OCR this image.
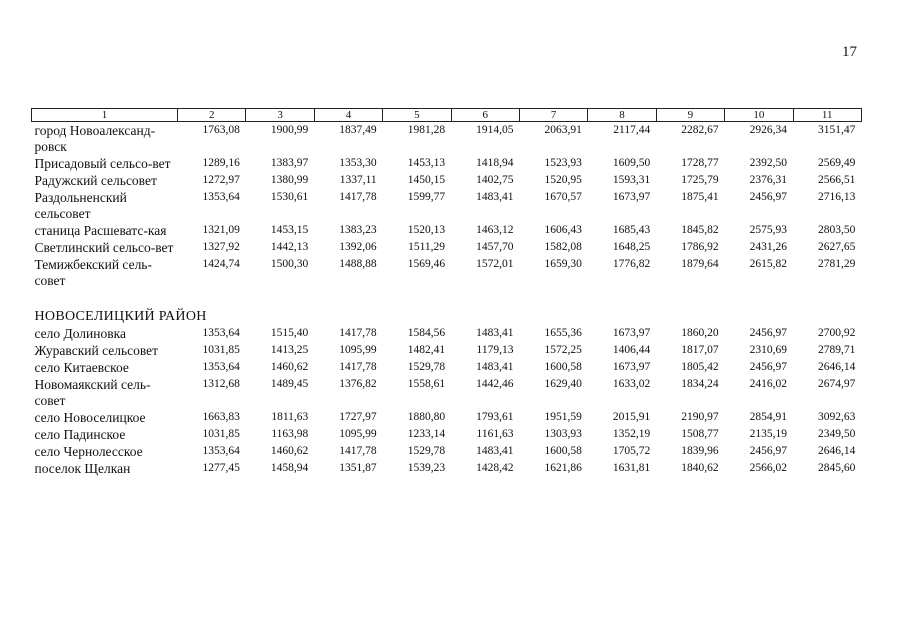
17
1	2	3	4	5	6	7	8	9	10	11
город Новоалександ-ровск	1763,08	1900,99	1837,49	1981,28	1914,05	2063,91	2117,44	2282,67	2926,34	3151,47
Присадовый сельсо-вет	1289,16	1383,97	1353,30	1453,13	1418,94	1523,93	1609,50	1728,77	2392,50	2569,49
Радужский сельсовет	1272,97	1380,99	1337,11	1450,15	1402,75	1520,95	1593,31	1725,79	2376,31	2566,51
Раздольненский сельсовет	1353,64	1530,61	1417,78	1599,77	1483,41	1670,57	1673,97	1875,41	2456,97	2716,13
станица Расшеватс-кая	1321,09	1453,15	1383,23	1520,13	1463,12	1606,43	1685,43	1845,82	2575,93	2803,50
Светлинский сельсо-вет	1327,92	1442,13	1392,06	1511,29	1457,70	1582,08	1648,25	1786,92	2431,26	2627,65
Темижбекский сель-совет	1424,74	1500,30	1488,88	1569,46	1572,01	1659,30	1776,82	1879,64	2615,82	2781,29

НОВОСЕЛИЦКИЙ РАЙОН										
село Долиновка	1353,64	1515,40	1417,78	1584,56	1483,41	1655,36	1673,97	1860,20	2456,97	2700,92
Журавский сельсовет	1031,85	1413,25	1095,99	1482,41	1179,13	1572,25	1406,44	1817,07	2310,69	2789,71
село Китаевское	1353,64	1460,62	1417,78	1529,78	1483,41	1600,58	1673,97	1805,42	2456,97	2646,14
Новомаякский сель-совет	1312,68	1489,45	1376,82	1558,61	1442,46	1629,40	1633,02	1834,24	2416,02	2674,97
село Новоселицкое	1663,83	1811,63	1727,97	1880,80	1793,61	1951,59	2015,91	2190,97	2854,91	3092,63
село Падинское	1031,85	1163,98	1095,99	1233,14	1161,63	1303,93	1352,19	1508,77	2135,19	2349,50
село Чернолесское	1353,64	1460,62	1417,78	1529,78	1483,41	1600,58	1705,72	1839,96	2456,97	2646,14
поселок Щелкан	1277,45	1458,94	1351,87	1539,23	1428,42	1621,86	1631,81	1840,62	2566,02	2845,60
